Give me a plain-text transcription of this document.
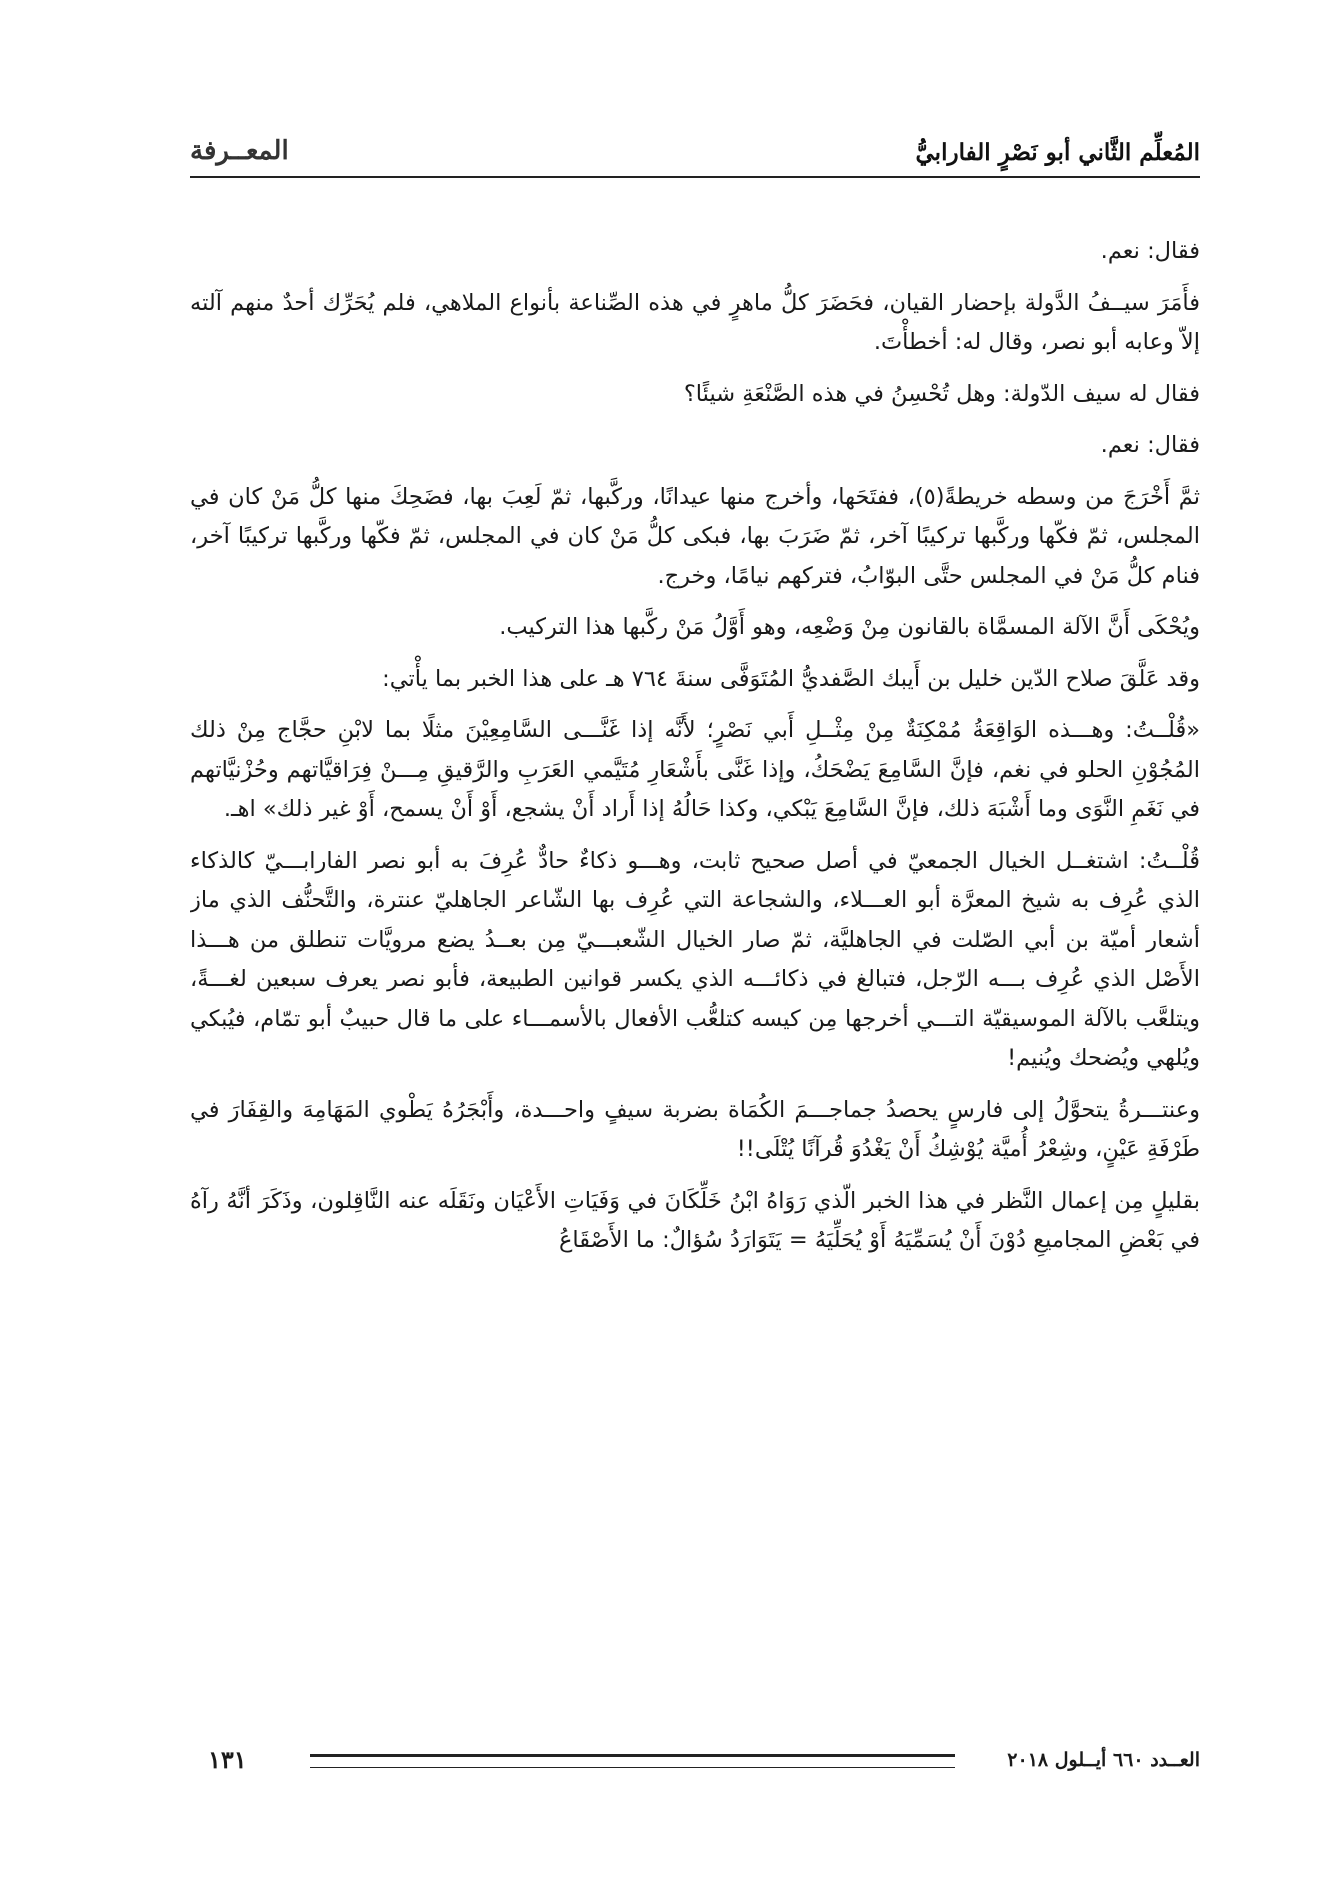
المُعلِّم الثَّاني أبو نَصْرٍ الفارابيُّ
المعــرفة

فقال: نعم.

فأَمَرَ سيــفُ الدَّولة بإحضار القيان، فحَضَرَ كلُّ ماهرٍ في هذه الصِّناعة بأنواع الملاهي، فلم يُحَرِّك أحدٌ منهم آلته إلاّ وعابه أبو نصر، وقال له: أخطأْتَ.

فقال له سيف الدّولة: وهل تُحْسِنُ في هذه الصَّنْعَةِ شيئًا؟

فقال: نعم.

ثمَّ أَخْرَجَ من وسطه خريطةً(٥)، ففتَحَها، وأخرج منها عيدانًا، وركَّبها، ثمّ لَعِبَ بها، فضَحِكَ منها كلُّ مَنْ كان في المجلس، ثمّ فكّها وركَّبها تركيبًا آخر، ثمّ ضَرَبَ بها، فبكى كلُّ مَنْ كان في المجلس، ثمّ فكّها وركَّبها تركيبًا آخر، فنام كلُّ مَنْ في المجلس حتَّى البوّابُ، فتركهم نيامًا، وخرج.

ويُحْكَى أَنَّ الآلة المسمَّاة بالقانون مِنْ وَضْعِه، وهو أَوَّلُ مَنْ ركَّبها هذا التركيب.

وقد عَلَّقَ صلاح الدّين خليل بن أَيبك الصَّفديُّ المُتَوَفَّى سنةَ ٧٦٤ هـ على هذا الخبر بما يأْتي:

«قُلْــتُ: وهـــذه الوَاقِعَةُ مُمْكِنَةٌ مِنْ مِثْــلِ أَبي نَصْرٍ؛ لأَنَّه إذا غَنَّـــى السَّامِعِيْنَ مثلًا بما لابْنِ حجَّاج مِنْ ذلك المُجُوْنِ الحلو في نغم، فإنَّ السَّامِعَ يَضْحَكُ، وإذا غَنَّى بأَشْعَارِ مُتَيَّمي العَرَبِ والرَّقيقِ مِـــنْ فِرَاقيَّاتهم وحُزْنيَّاتهم في نَغَمِ النَّوَى وما أَشْبَهَ ذلك، فإنَّ السَّامِعَ يَبْكي، وكذا حَالُهُ إذا أَراد أَنْ يشجع، أَوْ أَنْ يسمح، أَوْ غير ذلك» اهـ.

قُلْــتُ: اشتغــل الخيال الجمعيّ في أصل صحيح ثابت، وهـــو ذكاءٌ حادٌّ عُرِفَ به أبو نصر الفارابـــيّ كالذكاء الذي عُرِف به شيخ المعرَّة أبو العـــلاء، والشجاعة التي عُرِف بها الشّاعر الجاهليّ عنترة، والتَّحنُّف الذي ماز أشعار أميّة بن أبي الصّلت في الجاهليَّة، ثمّ صار الخيال الشّعبـــيّ مِن بعــدُ يضع مرويَّات تنطلق من هـــذا الأَصْل الذي عُرِف بـــه الرّجل، فتبالغ في ذكائـــه الذي يكسر قوانين الطبيعة، فأبو نصر يعرف سبعين لغـــةً، ويتلعَّب بالآلة الموسيقيّة التـــي أخرجها مِن كيسه كتلعُّب الأفعال بالأسمـــاء على ما قال حبيبٌ أبو تمّام، فيُبكي ويُلهي ويُضحك ويُنيم!

وعنتـــرةُ يتحوَّلُ إلى فارسٍ يحصدُ جماجـــمَ الكُمَاة بضربة سيفٍ واحـــدة، وأَبْجَرُهُ يَطْوي المَهَامِهَ والقِفَارَ في طَرْفَةِ عَيْنٍ، وشِعْرُ أُميَّة يُوْشِكُ أَنْ يَغْدُوَ قُرآنًا يُتْلَى!!

بقليلٍ مِن إعمال النَّظر في هذا الخبر الّذي رَوَاهُ ابْنُ خَلِّكَانَ في وَفَيَاتِ الأَعْيَان ونَقَلَه عنه النَّاقِلون، وذَكَرَ أنَّهُ رآهُ في بَعْضِ المجاميعِ دُوْنَ أَنْ يُسَمِّيَهُ أَوْ يُحَلِّيَهُ = يَتَوَارَدُ سُؤالٌ: ما الأَصْقَاعُ

العــدد ٦٦٠ أيــلول ٢٠١٨
١٣١
